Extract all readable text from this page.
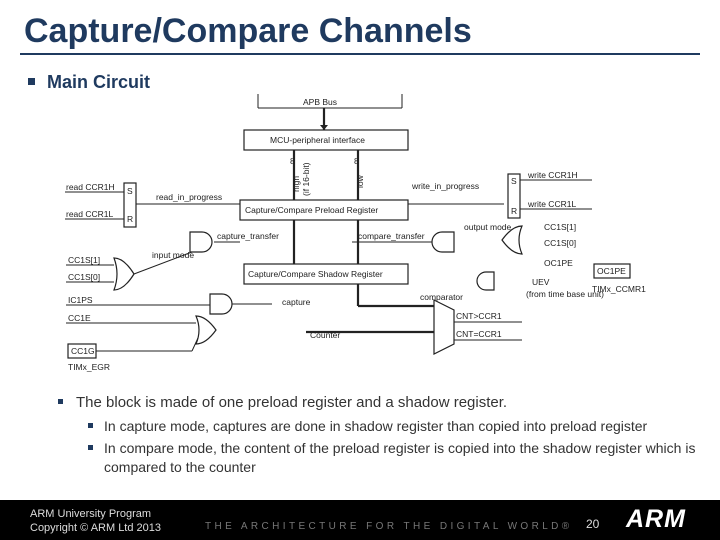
Capture/Compare Channels
Main Circuit
APB Bus
MCU-peripheral interface
8	8
high (if 16-bit)	low
read CCR1H
read CCR1L
S
R
read_in_progress
Capture/Compare Preload Register
write_in_progress	S
R
write CCR1H
write CCR1L
capture_transfer	compare_transfer
input mode
output mode
CC1S[1]
CC1S[0]	Capture/Compare Shadow Register
CC1S[1]
CC1S[0]
OC1PE
UEV
(from time base unit)
OC1PE
TIMx_CCMR1
IC1PS
CC1E
capture	comparator
CNT>CCR1
CNT=CCR1
Counter
CC1G
TIMx_EGR
The block is made of one preload register and a shadow register.
In capture mode, captures are done in shadow register than copied into preload register
In compare mode, the content of the preload register is copied into the shadow register which is compared to the counter
ARM University Program
Copyright © ARM Ltd 2013	THE ARCHITECTURE FOR THE DIGITAL WORLD® 20 ARM
